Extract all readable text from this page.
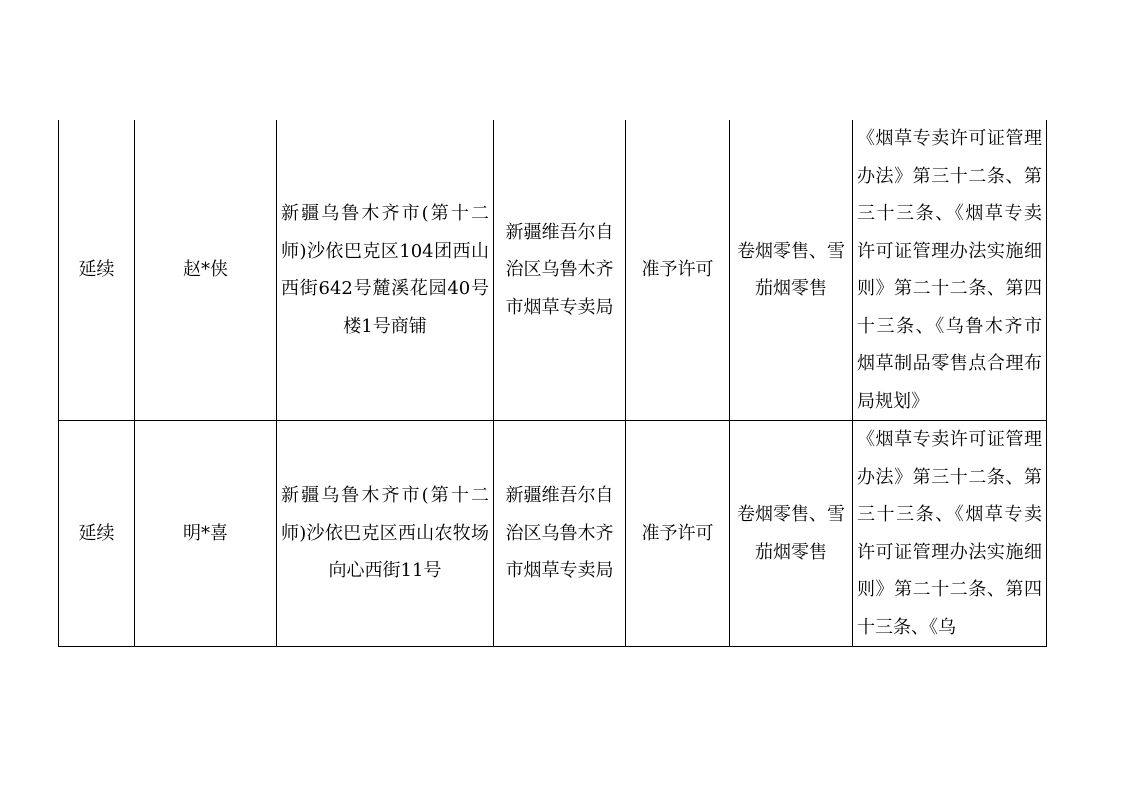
延续	赵*侠	新疆乌鲁木齐市(第十二师)沙依巴克区104团西山西街642号麓溪花园40号楼1号商铺	新疆维吾尔自治区乌鲁木齐市烟草专卖局	准予许可	卷烟零售、雪茄烟零售	《烟草专卖许可证管理办法》第三十二条、第三十三条、《烟草专卖许可证管理办法实施细则》第二十二条、第四十三条、《乌鲁木齐市烟草制品零售点合理布局规划》
延续	明*喜	新疆乌鲁木齐市(第十二师)沙依巴克区西山农牧场向心西街11号	新疆维吾尔自治区乌鲁木齐市烟草专卖局	准予许可	卷烟零售、雪茄烟零售	《烟草专卖许可证管理办法》第三十二条、第三十三条、《烟草专卖许可证管理办法实施细则》第二十二条、第四十三条、《乌
